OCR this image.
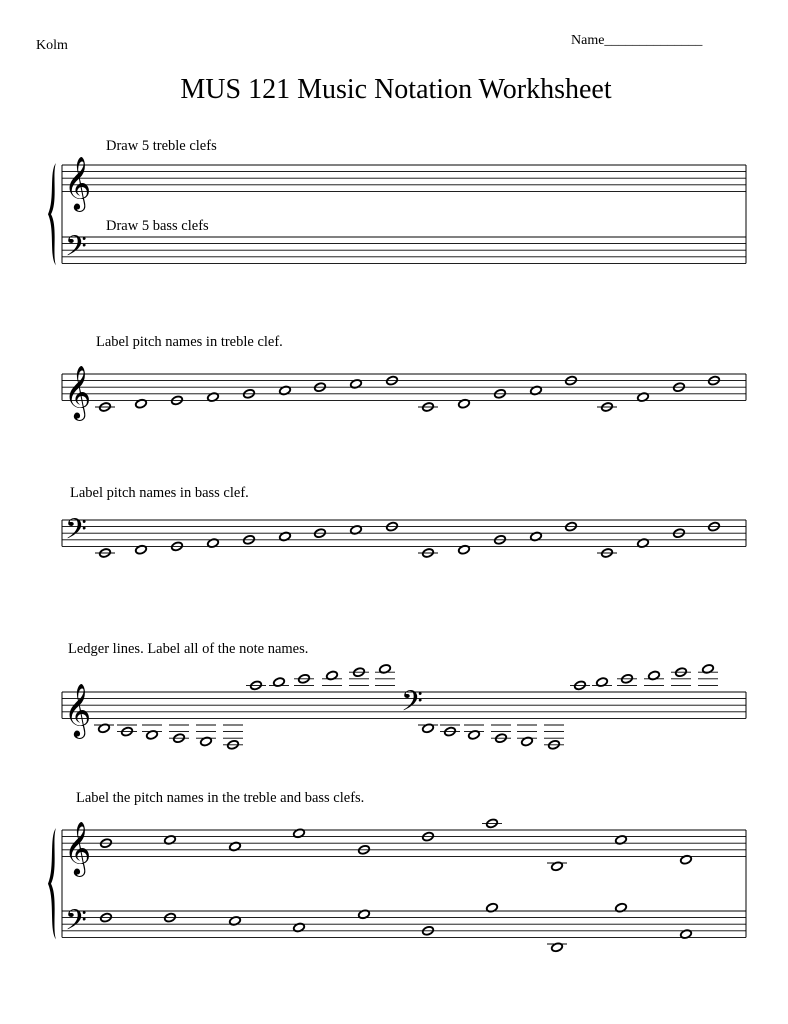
Kolm	Name______________
MUS 121 Music Notation Workhsheet
Draw 5 treble clefs
Draw 5 bass clefs
Label pitch names in treble clef.
Label pitch names in bass clef.
Ledger lines. Label all of the note names.
Label the pitch names in the treble and bass clefs.
𝄞
𝄢
𝄞
𝄢
𝄞	𝄢
𝄞
𝄢
